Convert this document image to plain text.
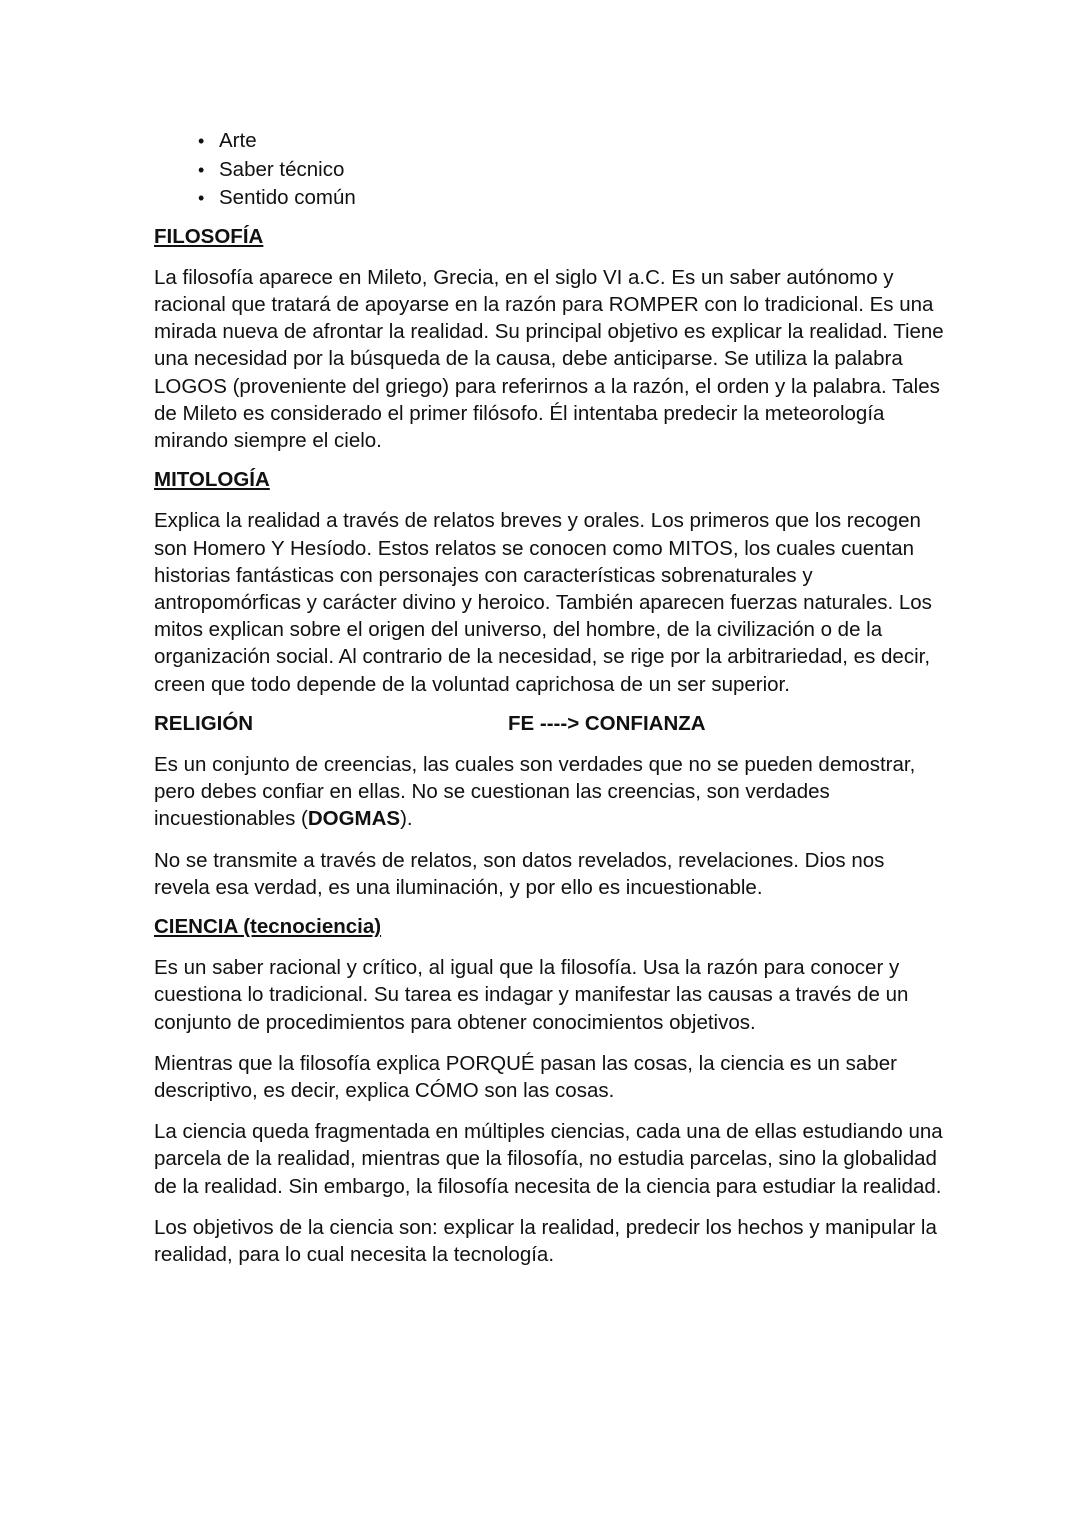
• Arte
• Saber técnico
• Sentido común
FILOSOFÍA

La filosofía aparece en Mileto, Grecia, en el siglo VI a.C. Es un saber autónomo y racional que tratará de apoyarse en la razón para ROMPER con lo tradicional. Es una mirada nueva de afrontar la realidad. Su principal objetivo es explicar la realidad. Tiene una necesidad por la búsqueda de la causa, debe anticiparse. Se utiliza la palabra LOGOS (proveniente del griego) para referirnos a la razón, el orden y la palabra. Tales de Mileto es considerado el primer filósofo. Él intentaba predecir la meteorología mirando siempre el cielo.

MITOLOGÍA

Explica la realidad a través de relatos breves y orales. Los primeros que los recogen son Homero Y Hesíodo. Estos relatos se conocen como MITOS, los cuales cuentan historias fantásticas con personajes con características sobrenaturales y antropomórficas y carácter divino y heroico. También aparecen fuerzas naturales. Los mitos explican sobre el origen del universo, del hombre, de la civilización o de la organización social. Al contrario de la necesidad, se rige por la arbitrariedad, es decir, creen que todo depende de la voluntad caprichosa de un ser superior.

RELIGIÓN	FE ----> CONFIANZA

Es un conjunto de creencias, las cuales son verdades que no se pueden demostrar, pero debes confiar en ellas. No se cuestionan las creencias, son verdades incuestionables (DOGMAS).

No se transmite a través de relatos, son datos revelados, revelaciones. Dios nos revela esa verdad, es una iluminación, y por ello es incuestionable.

CIENCIA (tecnociencia)

Es un saber racional y crítico, al igual que la filosofía. Usa la razón para conocer y cuestiona lo tradicional. Su tarea es indagar y manifestar las causas a través de un conjunto de procedimientos para obtener conocimientos objetivos.

Mientras que la filosofía explica PORQUÉ pasan las cosas, la ciencia es un saber descriptivo, es decir, explica CÓMO son las cosas.

La ciencia queda fragmentada en múltiples ciencias, cada una de ellas estudiando una parcela de la realidad, mientras que la filosofía, no estudia parcelas, sino la globalidad de la realidad. Sin embargo, la filosofía necesita de la ciencia para estudiar la realidad.

Los objetivos de la ciencia son: explicar la realidad, predecir los hechos y manipular la realidad, para lo cual necesita la tecnología.
